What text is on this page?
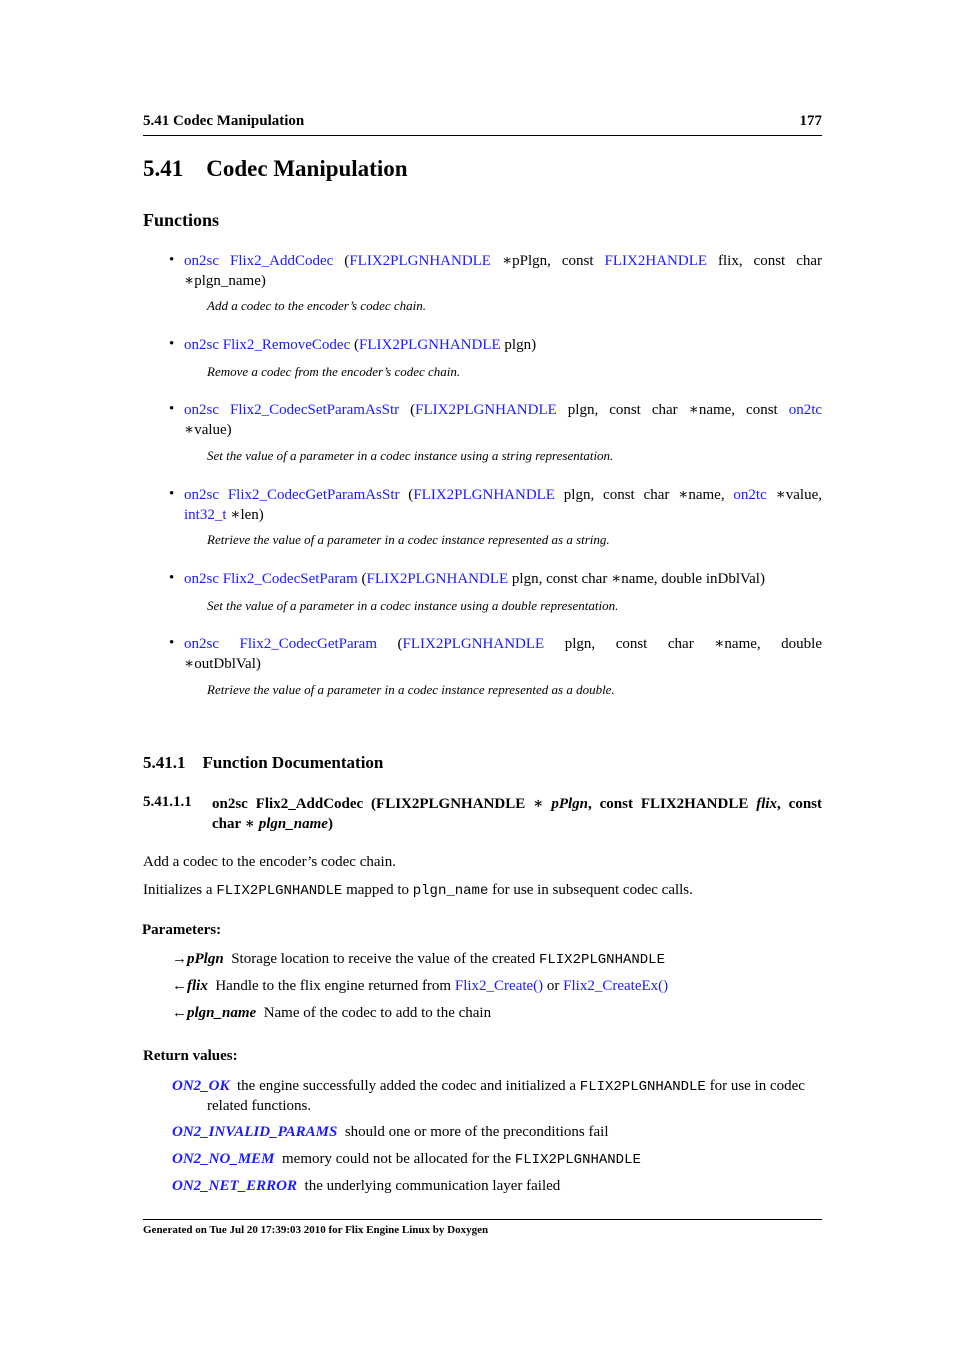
5.41 Codec Manipulation	177
5.41    Codec Manipulation
Functions
• on2sc Flix2_AddCodec (FLIX2PLGNHANDLE ∗pPlgn, const FLIX2HANDLE flix, const char
∗plgn_name)
Add a codec to the encoder’s codec chain.
• on2sc Flix2_RemoveCodec (FLIX2PLGNHANDLE plgn)
Remove a codec from the encoder’s codec chain.
• on2sc Flix2_CodecSetParamAsStr (FLIX2PLGNHANDLE plgn, const char ∗name, const on2tc
∗value)
Set the value of a parameter in a codec instance using a string representation.
• on2sc Flix2_CodecGetParamAsStr (FLIX2PLGNHANDLE plgn, const char ∗name, on2tc ∗value,
int32_t ∗len)
Retrieve the value of a parameter in a codec instance represented as a string.
• on2sc Flix2_CodecSetParam (FLIX2PLGNHANDLE plgn, const char ∗name, double inDblVal)
Set the value of a parameter in a codec instance using a double representation.
• on2sc Flix2_CodecGetParam (FLIX2PLGNHANDLE plgn, const char ∗name, double
∗outDblVal)
Retrieve the value of a parameter in a codec instance represented as a double.
5.41.1    Function Documentation
5.41.1.1 on2sc Flix2_AddCodec (FLIX2PLGNHANDLE ∗ pPlgn, const FLIX2HANDLE flix, const
char ∗ plgn_name)
Add a codec to the encoder’s codec chain.
Initializes a FLIX2PLGNHANDLE mapped to plgn_name for use in subsequent codec calls.
Parameters:
→pPlgn Storage location to receive the value of the created FLIX2PLGNHANDLE
←flix Handle to the flix engine returned from Flix2_Create() or Flix2_CreateEx()
←plgn_name Name of the codec to add to the chain
Return values:
ON2_OK the engine successfully added the codec and initialized a FLIX2PLGNHANDLE for use in codec related functions.
ON2_INVALID_PARAMS should one or more of the preconditions fail
ON2_NO_MEM memory could not be allocated for the FLIX2PLGNHANDLE
ON2_NET_ERROR the underlying communication layer failed
Generated on Tue Jul 20 17:39:03 2010 for Flix Engine Linux by Doxygen
